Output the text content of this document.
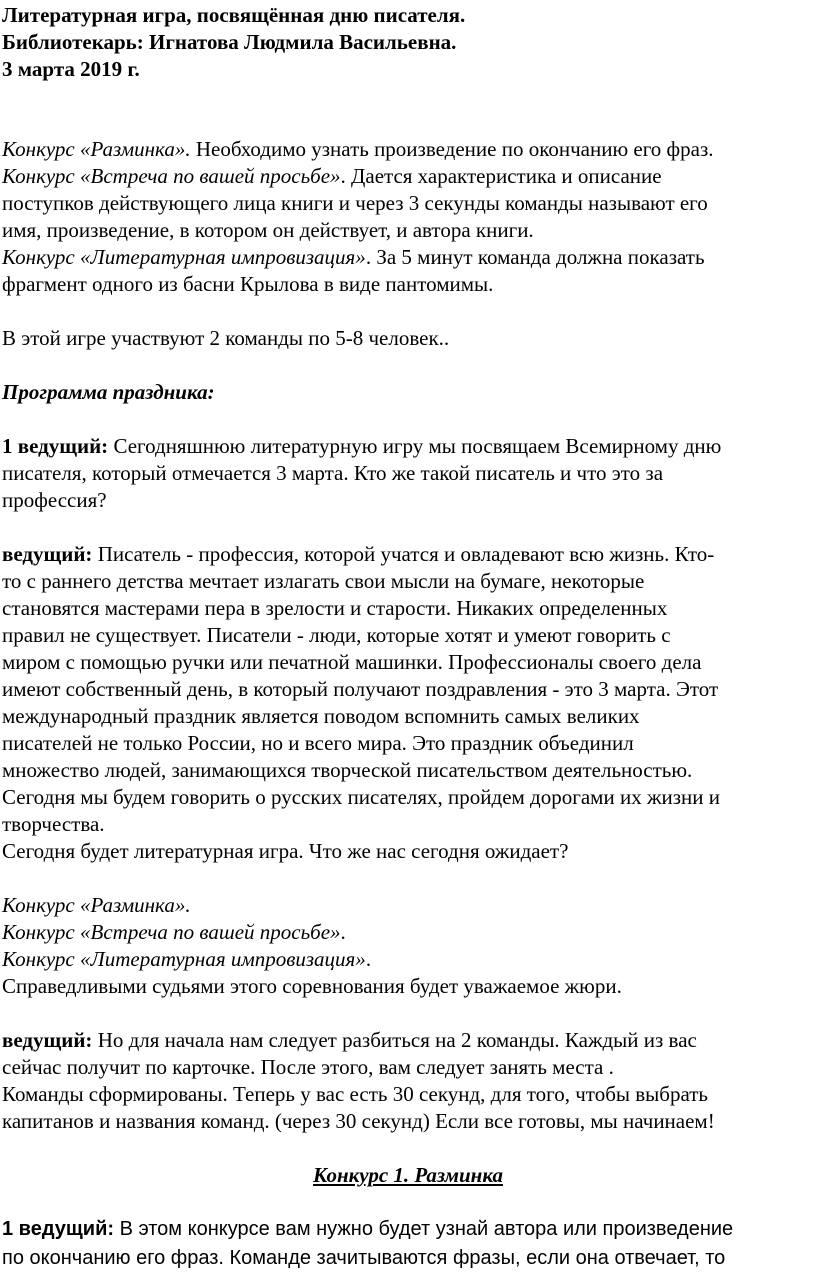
Литературная игра, посвящённая дню писателя.
Библиотекарь: Игнатова Людмила Васильевна.
3 марта 2019 г.
Конкурс «Разминка». Необходимо узнать произведение по окончанию его фраз.
Конкурс «Встреча по вашей просьбе». Дается характеристика и описание
поступков действующего лица книги и через 3 секунды команды называют его
имя, произведение, в котором он действует, и автора книги.
Конкурс «Литературная импровизация». За 5 минут команда должна показать
фрагмент одного из басни Крылова в виде пантомимы.
В этой игре участвуют 2 команды по 5-8 человек..
Программа праздника:
1 ведущий: Сегодняшнюю литературную игру мы посвящаем Всемирному дню
писателя, который отмечается 3 марта. Кто же такой писатель и что это за
профессия?
ведущий: Писатель - профессия, которой учатся и овладевают всю жизнь. Кто-
то с раннего детства мечтает излагать свои мысли на бумаге, некоторые
становятся мастерами пера в зрелости и старости. Никаких определенных
правил не существует. Писатели - люди, которые хотят и умеют говорить с
миром с помощью ручки или печатной машинки. Профессионалы своего дела
имеют собственный день, в который получают поздравления - это 3 марта. Этот
международный праздник является поводом вспомнить самых великих
писателей не только России, но и всего мира. Это праздник объединил
множество людей, занимающихся творческой писательством деятельностью.
Сегодня мы будем говорить о русских писателях, пройдем дорогами их жизни и
творчества.
Сегодня будет литературная игра. Что же нас сегодня ожидает?
Конкурс «Разминка».
Конкурс «Встреча по вашей просьбе».
Конкурс «Литературная импровизация».
Справедливыми судьями этого соревнования будет уважаемое жюри.
ведущий: Но для начала нам следует разбиться на 2 команды. Каждый из вас
сейчас получит по карточке. После этого, вам следует занять места .
Команды сформированы. Теперь у вас есть 30 секунд, для того, чтобы выбрать
капитанов и названия команд. (через 30 секунд) Если все готовы, мы начинаем!
Конкурс 1. Разминка
1 ведущий: В этом конкурсе вам нужно будет узнай автора или произведение
по окончанию его фраз. Команде зачитываются фразы, если она отвечает, то
